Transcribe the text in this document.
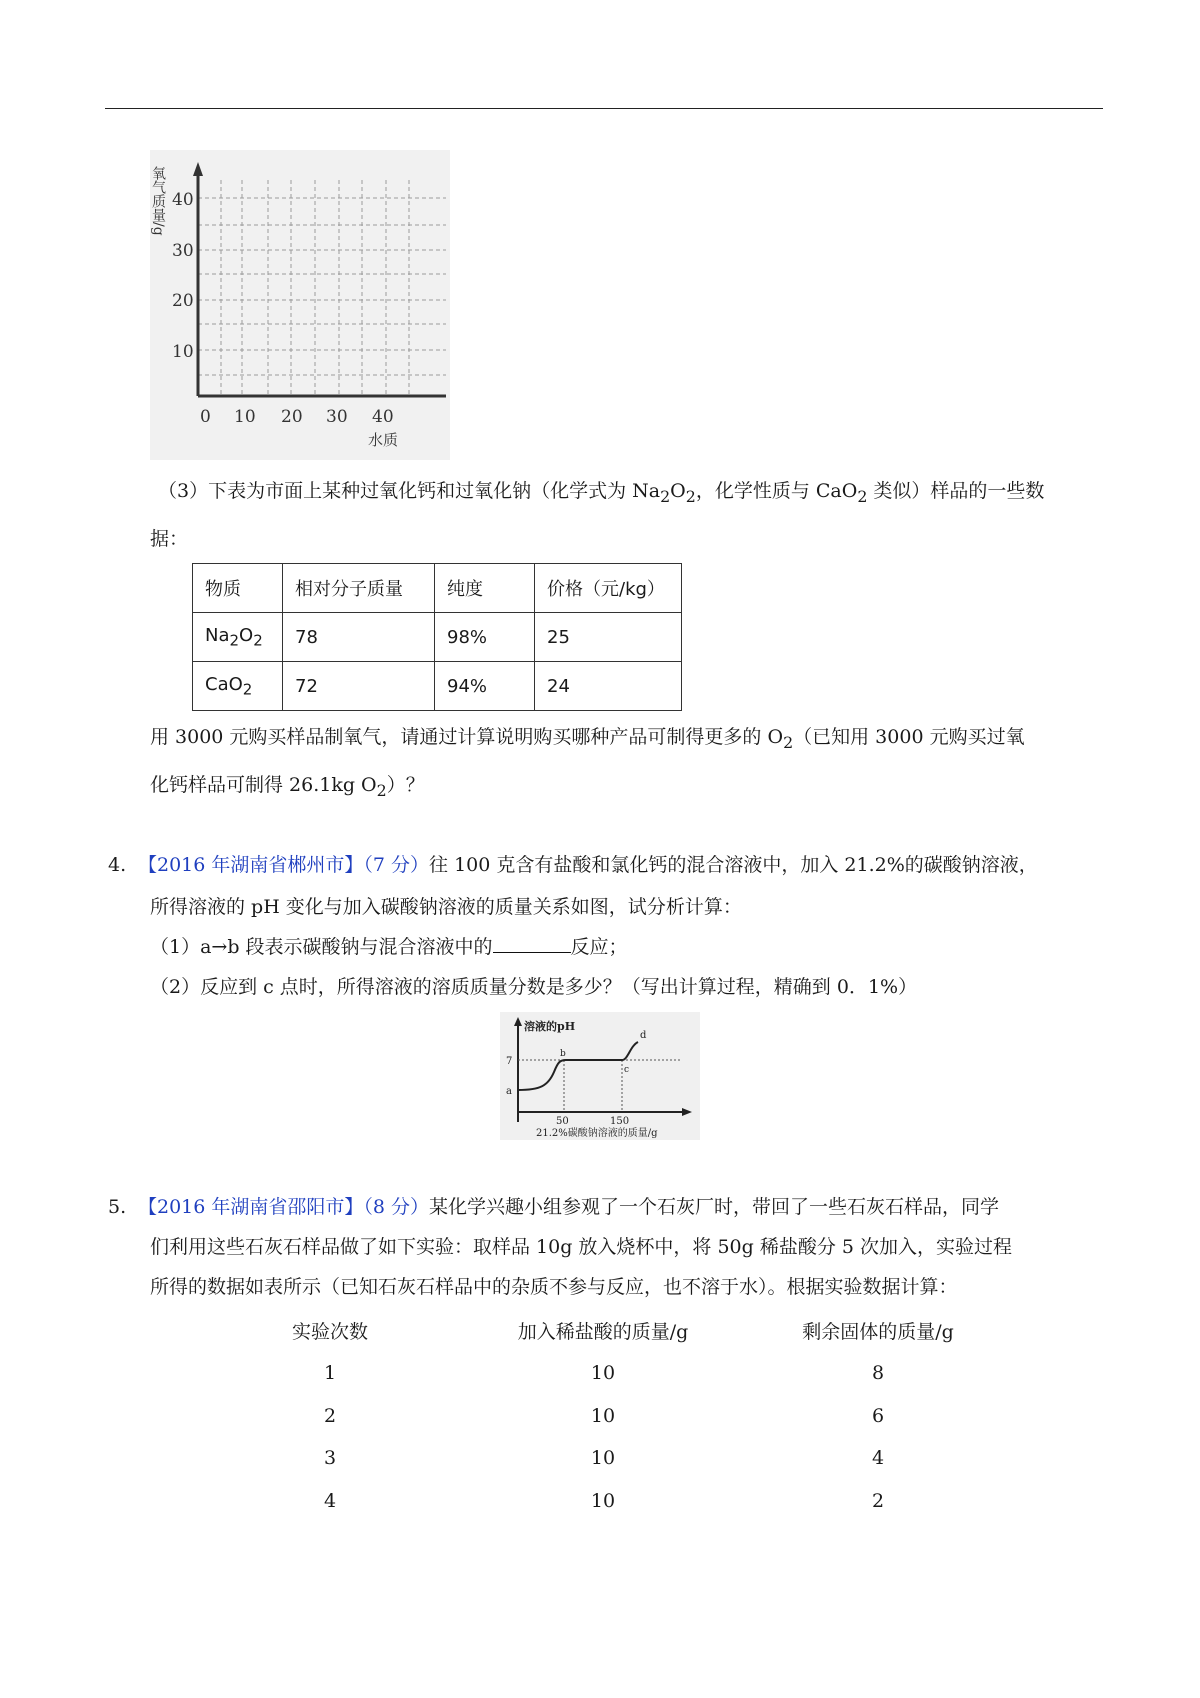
40
30
20
10
0 10 20 30 40
水质
氧气质量/g
（3）下表为市面上某种过氧化钙和过氧化钠（化学式为 $Na_2O_2$，化学性质与 CaO$_2$ 类似）样品的一些数
据：
物质	相对分子质量	纯度	价格（元/kg）
$Na_2O_2$	78	98%	25
CaO$_2$	72	94%	24
用 3000 元购买样品制氧气，请通过计算说明购买哪种产品可制得更多的 $O_2$（已知用 3000 元购买过氧
化钙样品可制得 26.1kg $O_2$）？
4. 【2016 年湖南省郴州市】（7 分）往 100 克含有盐酸和氯化钙的混合溶液中，加入 21.2%的碳酸钠溶液，
所得溶液的 pH 变化与加入碳酸钠溶液的质量关系如图，试分析计算：
（1）a→b 段表示碳酸钠与混合溶液中的	反应；
（2）反应到 c 点时，所得溶液的溶质质量分数是多少？（写出计算过程，精确到 0．1%）
溶液的pH
7
a
b
c
d
50	150
21.2%碳酸钠溶液的质量/g
5. 【2016 年湖南省邵阳市】（8 分）某化学兴趣小组参观了一个石灰厂时，带回了一些石灰石样品，同学
们利用这些石灰石样品做了如下实验：取样品 10g 放入烧杯中，将 50g 稀盐酸分 5 次加入，实验过程
所得的数据如表所示（已知石灰石样品中的杂质不参与反应，也不溶于水）。根据实验数据计算：
实验次数	加入稀盐酸的质量/g	剩余固体的质量/g
1	10	8
2	10	6
3	10	4
4	10	2
